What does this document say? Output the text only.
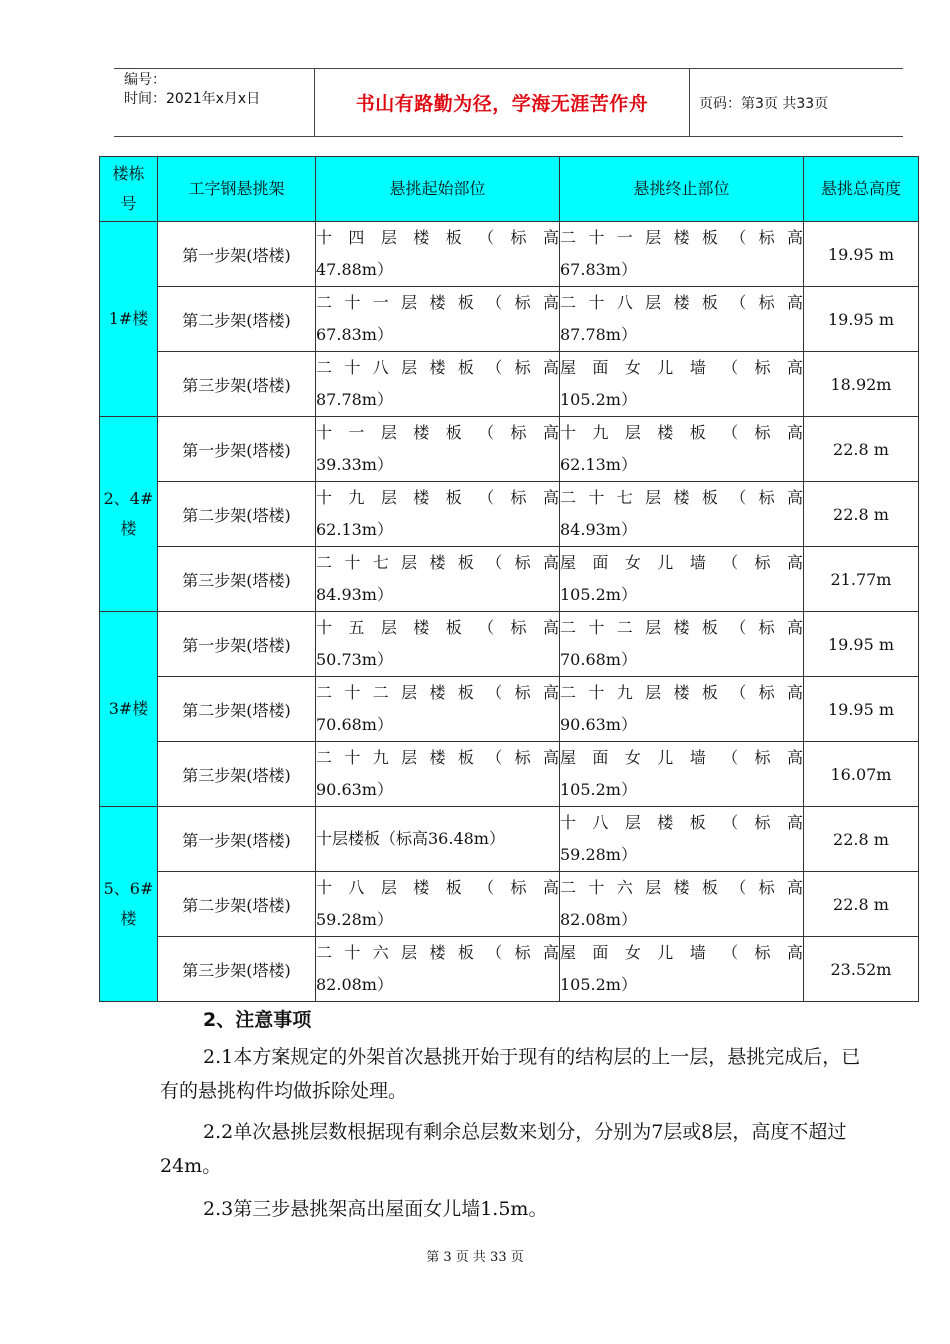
编号：
时间：2021年x月x日	书山有路勤为径，学海无涯苦作舟	页码：第3页 共33页
楼栋号	工字钢悬挑架	悬挑起始部位	悬挑终止部位	悬挑总高度
1#楼	第一步架(塔楼)	十四层楼板（标高
47.88m）	二十一层楼板（标高
67.83m）	19.95 m
	第二步架(塔楼)	二十一层楼板（标高
67.83m）	二十八层楼板（标高
87.78m）	19.95 m
	第三步架(塔楼)	二十八层楼板（标高
87.78m）	屋面女儿墙（标高
105.2m）	18.92m
2、4#楼	第一步架(塔楼)	十一层楼板（标高
39.33m）	十九层楼板（标高
62.13m）	22.8 m
	第二步架(塔楼)	十九层楼板（标高
62.13m）	二十七层楼板（标高
84.93m）	22.8 m
	第三步架(塔楼)	二十七层楼板（标高
84.93m）	屋面女儿墙（标高
105.2m）	21.77m
3#楼	第一步架(塔楼)	十五层楼板（标高
50.73m）	二十二层楼板（标高
70.68m）	19.95 m
	第二步架(塔楼)	二十二层楼板（标高
70.68m）	二十九层楼板（标高
90.63m）	19.95 m
	第三步架(塔楼)	二十九层楼板（标高
90.63m）	屋面女儿墙（标高
105.2m）	16.07m
5、6#楼	第一步架(塔楼)	十层楼板（标高36.48m）	十八层楼板（标高
59.28m）	22.8 m
	第二步架(塔楼)	十八层楼板（标高
59.28m）	二十六层楼板（标高
82.08m）	22.8 m
	第三步架(塔楼)	二十六层楼板（标高
82.08m）	屋面女儿墙（标高
105.2m）	23.52m
2、注意事项
2.1本方案规定的外架首次悬挑开始于现有的结构层的上一层，悬挑完成后，已有的悬挑构件均做拆除处理。
2.2单次悬挑层数根据现有剩余总层数来划分，分别为7层或8层，高度不超过24m。
2.3第三步悬挑架高出屋面女儿墙1.5m。
第 3 页 共 33 页
